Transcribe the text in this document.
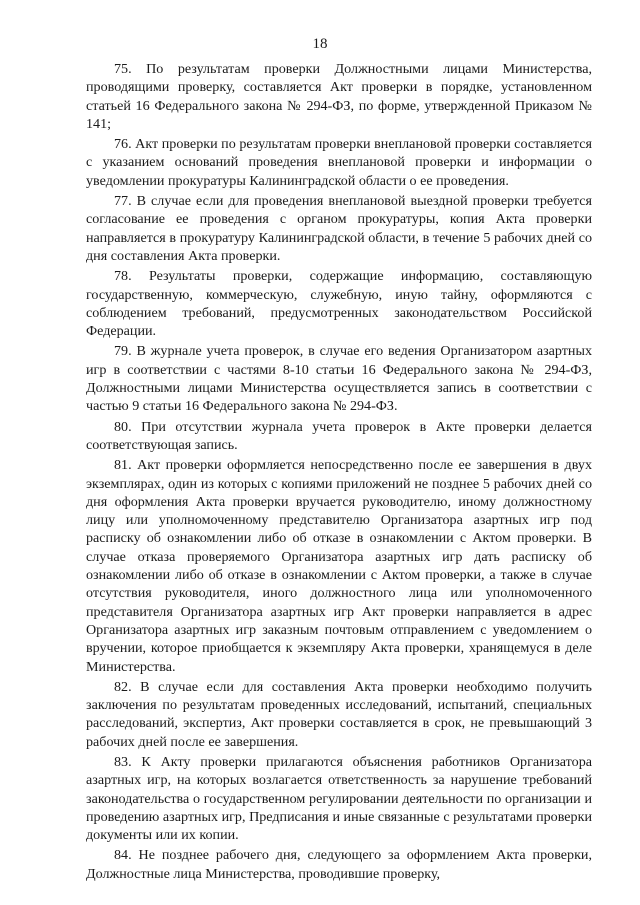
18

75. По результатам проверки Должностными лицами Министерства, проводящими проверку, составляется Акт проверки в порядке, установленном статьей 16 Федерального закона № 294-ФЗ, по форме, утвержденной Приказом № 141;

76. Акт проверки по результатам проверки внеплановой проверки составляется с указанием оснований проведения внеплановой проверки и информации о уведомлении прокуратуры Калининградской области о ее проведения.

77. В случае если для проведения внеплановой выездной проверки требуется согласование ее проведения с органом прокуратуры, копия Акта проверки направляется в прокуратуру Калининградской области, в течение 5 рабочих дней со дня составления Акта проверки.

78. Результаты проверки, содержащие информацию, составляющую государственную, коммерческую, служебную, иную тайну, оформляются с соблюдением требований, предусмотренных законодательством Российской Федерации.

79. В журнале учета проверок, в случае его ведения Организатором азартных игр в соответствии с частями 8-10 статьи 16 Федерального закона № 294-ФЗ, Должностными лицами Министерства осуществляется запись в соответствии с частью 9 статьи 16 Федерального закона № 294-ФЗ.

80. При отсутствии журнала учета проверок в Акте проверки делается соответствующая запись.

81. Акт проверки оформляется непосредственно после ее завершения в двух экземплярах, один из которых с копиями приложений не позднее 5 рабочих дней со дня оформления Акта проверки вручается руководителю, иному должностному лицу или уполномоченному представителю Организатора азартных игр под расписку об ознакомлении либо об отказе в ознакомлении с Актом проверки. В случае отказа проверяемого Организатора азартных игр дать расписку об ознакомлении либо об отказе в ознакомлении с Актом проверки, а также в случае отсутствия руководителя, иного должностного лица или уполномоченного представителя Организатора азартных игр Акт проверки направляется в адрес Организатора азартных игр заказным почтовым отправлением с уведомлением о вручении, которое приобщается к экземпляру Акта проверки, хранящемуся в деле Министерства.

82. В случае если для составления Акта проверки необходимо получить заключения по результатам проведенных исследований, испытаний, специальных расследований, экспертиз, Акт проверки составляется в срок, не превышающий 3 рабочих дней после ее завершения.

83. К Акту проверки прилагаются объяснения работников Организатора азартных игр, на которых возлагается ответственность за нарушение требований законодательства о государственном регулировании деятельности по организации и проведению азартных игр, Предписания и иные связанные с результатами проверки документы или их копии.

84. Не позднее рабочего дня, следующего за оформлением Акта проверки, Должностные лица Министерства, проводившие проверку,
